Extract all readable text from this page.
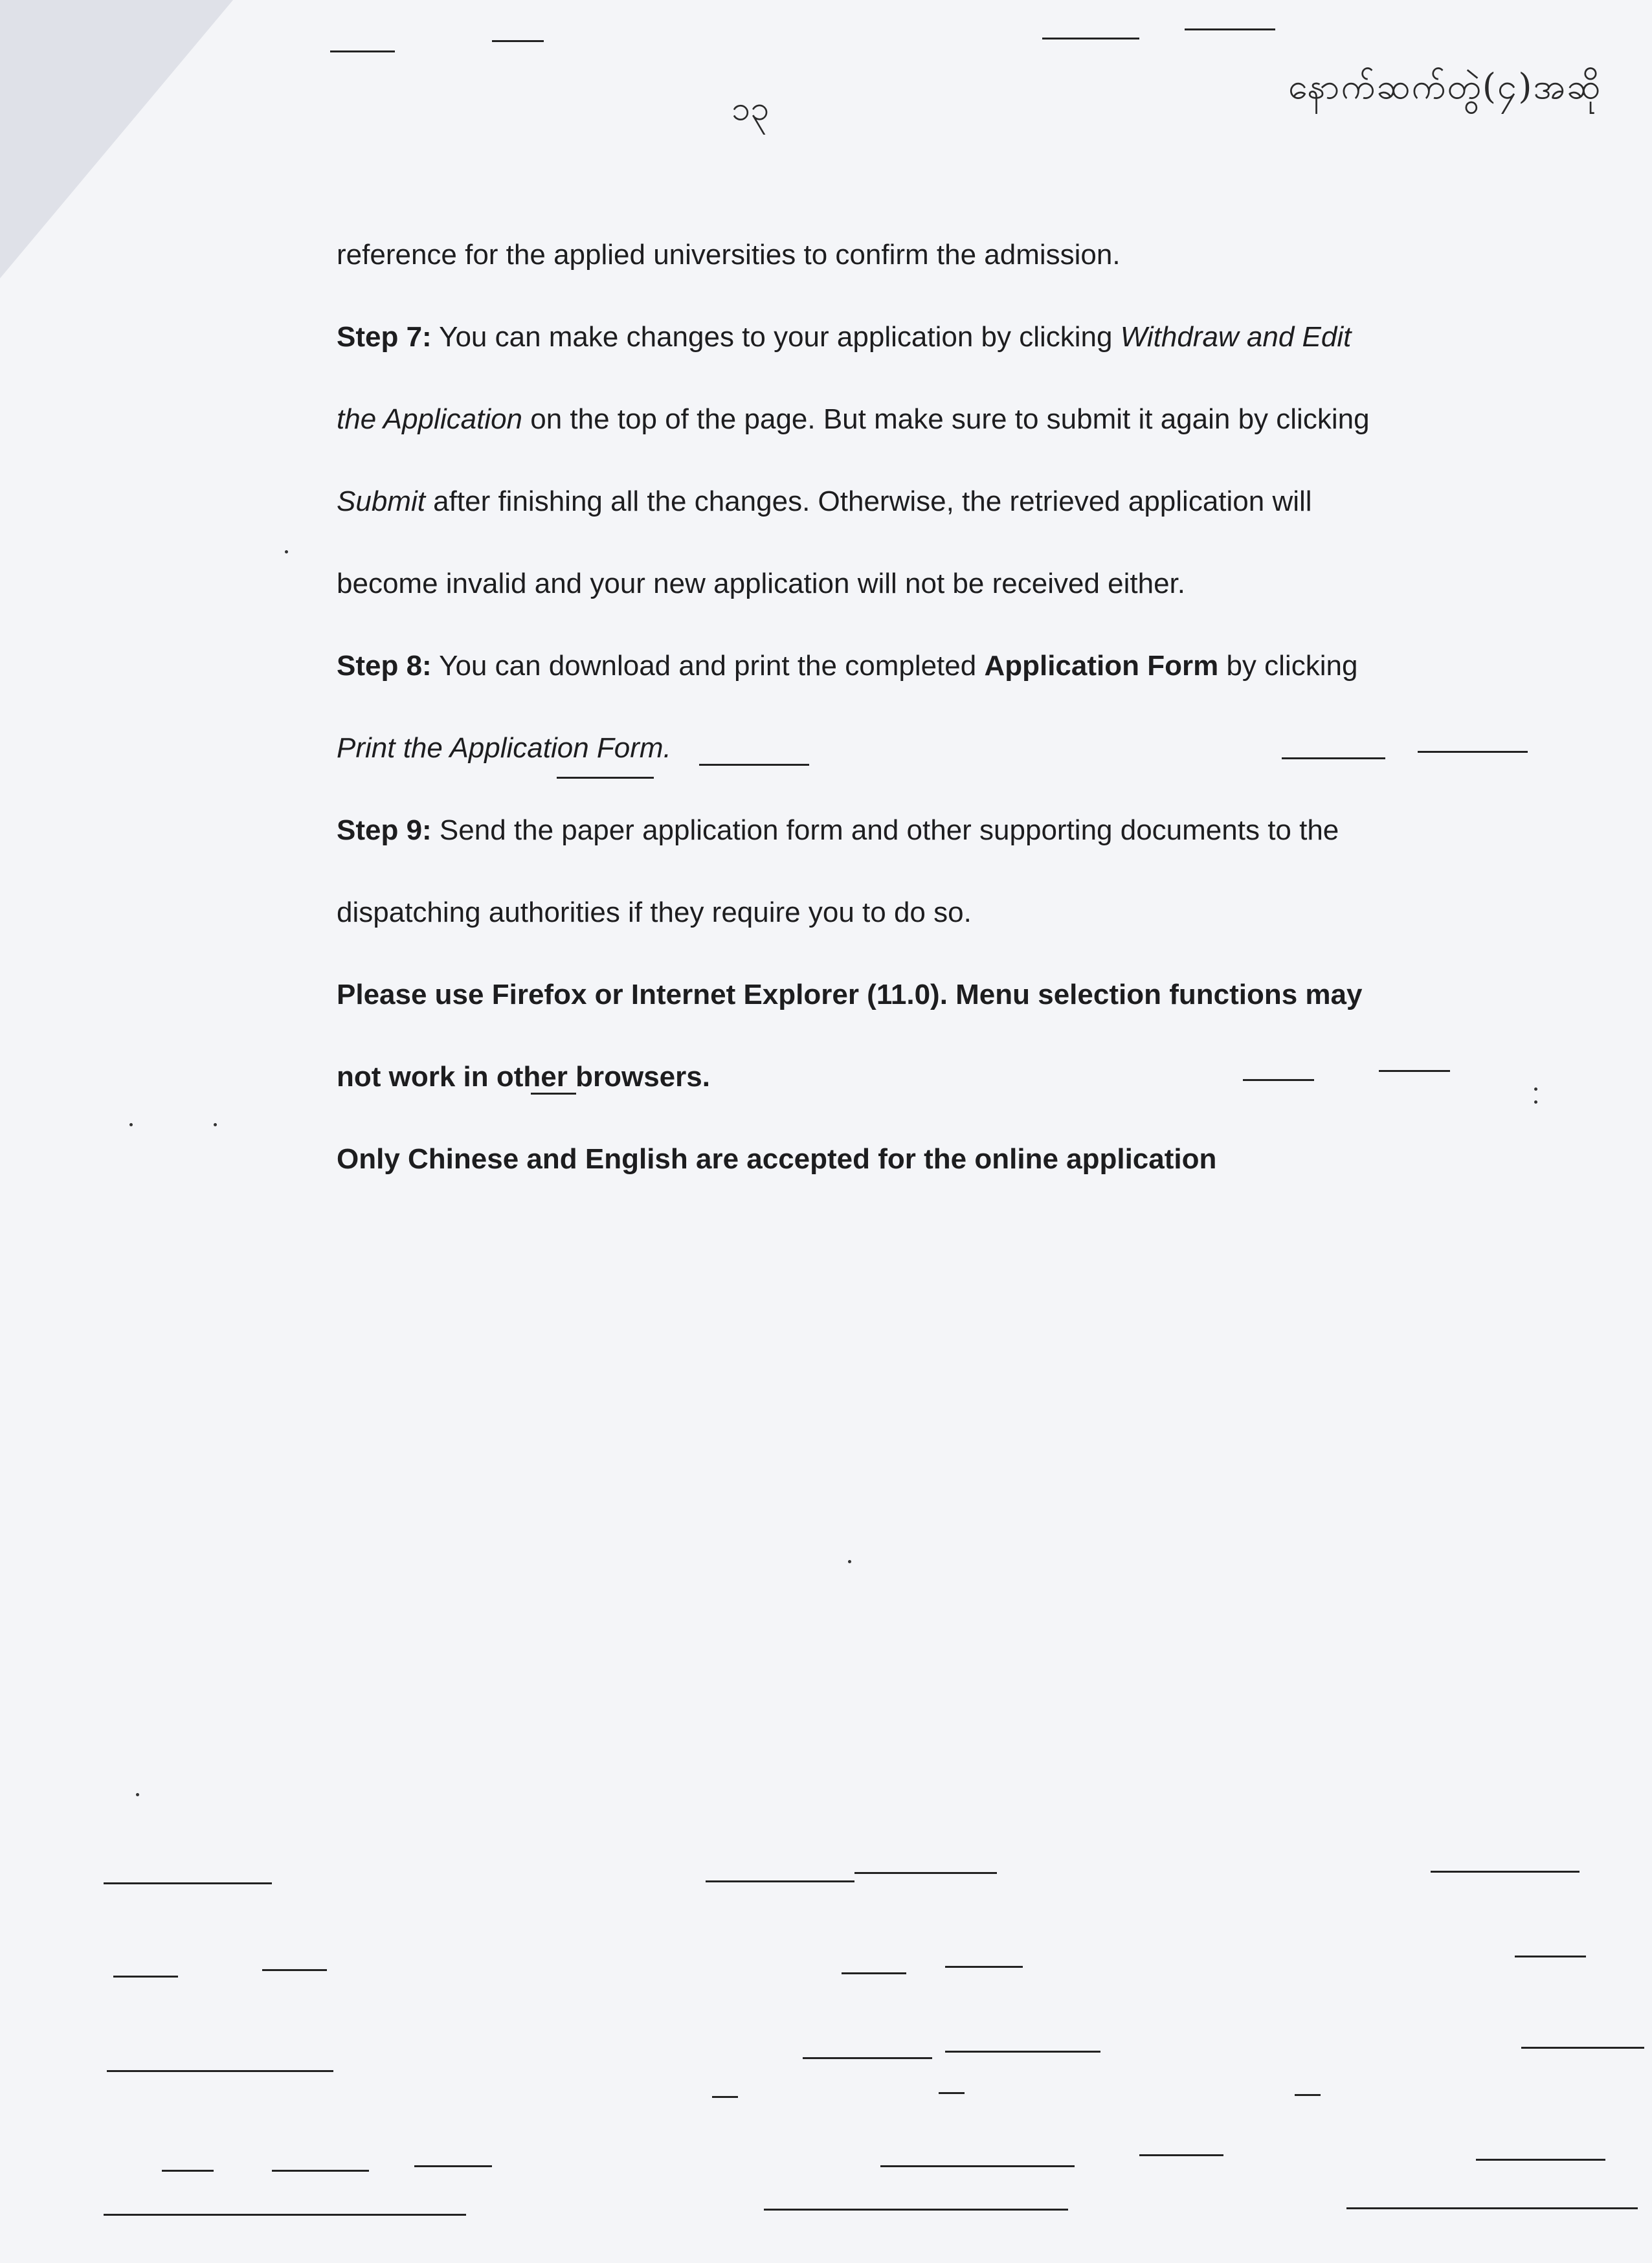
၁၃
နောက်ဆက်တွဲ(၄)အဆို
reference for the applied universities to confirm the admission.
Step 7: You can make changes to your application by clicking Withdraw and Edit
the Application on the top of the page. But make sure to submit it again by clicking
Submit after finishing all the changes. Otherwise, the retrieved application will
become invalid and your new application will not be received either.
Step 8: You can download and print the completed Application Form by clicking
Print the Application Form.
Step 9: Send the paper application form and other supporting documents to the
dispatching authorities if they require you to do so.
Please use Firefox or Internet Explorer (11.0). Menu selection functions may
not work in other browsers.
Only Chinese and English are accepted for the online application
